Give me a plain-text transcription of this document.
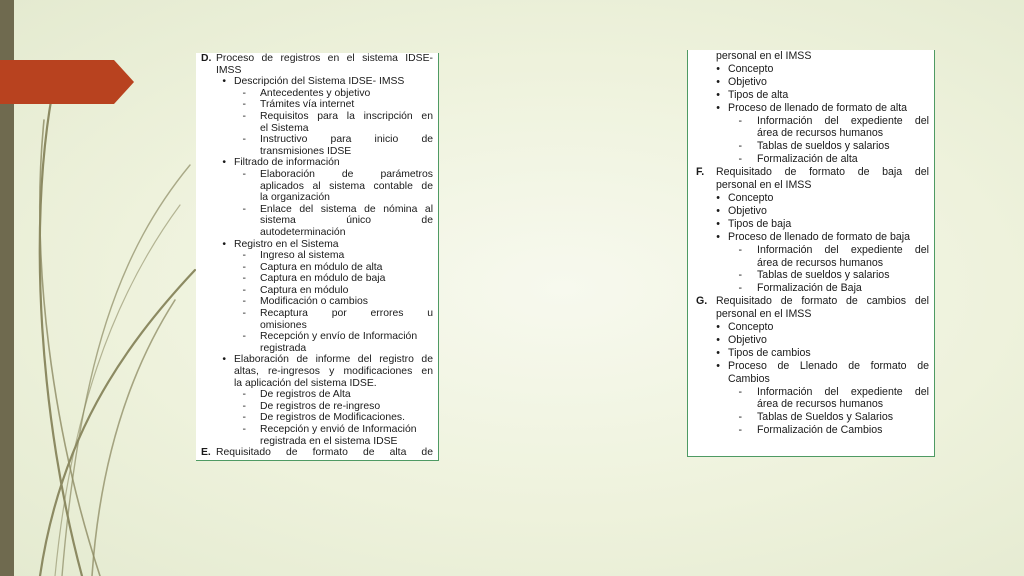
D. Proceso de registros en el sistema IDSE-
IMSS
• Descripción del Sistema IDSE- IMSS
-	Antecedentes y objetivo
-	Trámites vía internet
-	Requisitos para la inscripción en
el Sistema
-	Instructivo para inicio de
transmisiones IDSE
• Filtrado de información
-	Elaboración de parámetros
aplicados al sistema contable de
la organización
-	Enlace del sistema de nómina al
sistema único de
autodeterminación
• Registro en el Sistema
-	Ingreso al sistema
-	Captura en módulo de alta
-	Captura en módulo de baja
-	Captura en módulo
-	Modificación o cambios
-	Recaptura por errores u
omisiones
-	Recepción y envío de Información
registrada
• Elaboración de informe del registro de
altas, re-ingresos y modificaciones en
la aplicación del sistema IDSE.
-	De registros de Alta
-	De registros de re-ingreso
-	De registros de Modificaciones.
-	Recepción y envió de Información
registrada en el sistema IDSE
E. Requisitado de formato de alta de
personal en el IMSS
• Concepto
• Objetivo
• Tipos de alta
• Proceso de llenado de formato de alta
-	Información del expediente del
área de recursos humanos
-	Tablas de sueldos y salarios
-	Formalización de alta
F.	Requisitado de formato de baja del
personal en el IMSS
• Concepto
• Objetivo
• Tipos de baja
• Proceso de llenado de formato de baja
-	Información del expediente del
área de recursos humanos
-	Tablas de sueldos y salarios
-	Formalización de Baja
G. Requisitado de formato de cambios del
personal en el IMSS
• Concepto
• Objetivo
• Tipos de cambios
• Proceso de Llenado de formato de
Cambios
-	Información del expediente del
área de recursos humanos
-	Tablas de Sueldos y Salarios
-	Formalización de Cambios
